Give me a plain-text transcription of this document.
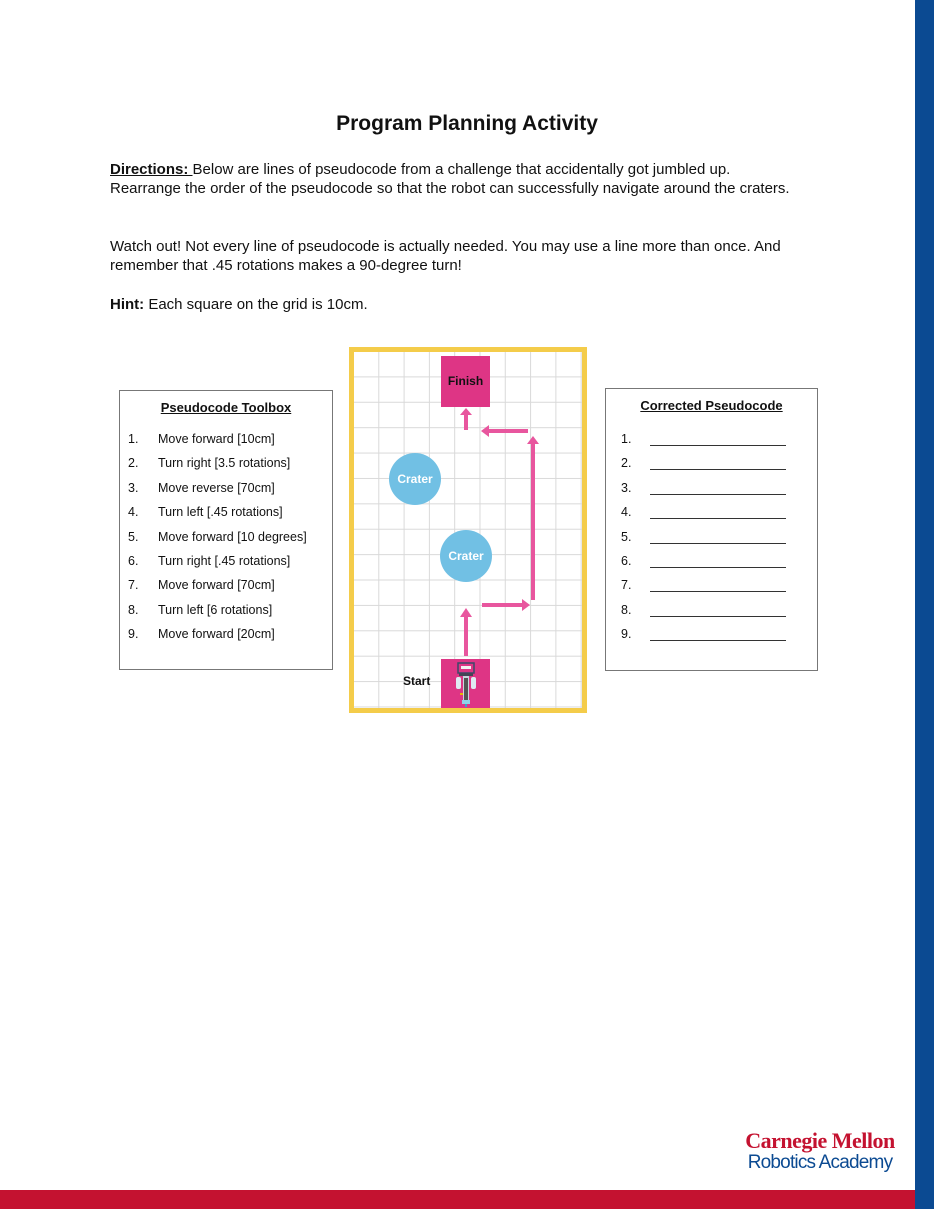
Program Planning Activity
Directions: Below are lines of pseudocode from a challenge that accidentally got jumbled up. Rearrange the order of the pseudocode so that the robot can successfully navigate around the craters.
Watch out! Not every line of pseudocode is actually needed. You may use a line more than once. And remember that .45 rotations makes a 90-degree turn!
Hint: Each square on the grid is 10cm.
Pseudocode Toolbox
1. Move forward [10cm]
2. Turn right [3.5 rotations]
3. Move reverse [70cm]
4. Turn left [.45 rotations]
5. Move forward [10 degrees]
6. Turn right [.45 rotations]
7. Move forward [70cm]
8. Turn left [6 rotations]
9. Move forward [20cm]
Finish
Crater
Crater
Start
Corrected Pseudocode
1.
2.
3.
4.
5.
6.
7.
8.
9.
Carnegie Mellon
Robotics Academy
